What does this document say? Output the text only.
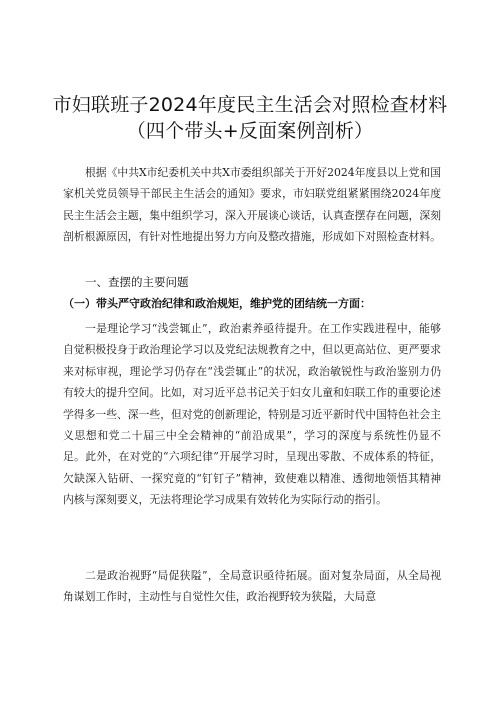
市妇联班子2024年度民主生活会对照检查材料
（四个带头+反面案例剖析）
根据《中共X市纪委机关中共X市委组织部关于开好2024年度县以上党和国家机关党员领导干部民主生活会的通知》要求，市妇联党组紧紧围绕2024年度民主生活会主题，集中组织学习，深入开展谈心谈话，认真查摆存在问题，深刻剖析根源原因，有针对性地提出努力方向及整改措施，形成如下对照检查材料。
一、查摆的主要问题
（一）带头严守政治纪律和政治规矩，维护党的团结统一方面：
一是理论学习“浅尝辄止”，政治素养亟待提升。在工作实践进程中，能够自觉积极投身于政治理论学习以及党纪法规教育之中，但以更高站位、更严要求来对标审视，理论学习仍存在“浅尝辄止”的状况，政治敏锐性与政治鉴别力仍有较大的提升空间。比如，对习近平总书记关于妇女儿童和妇联工作的重要论述学得多一些、深一些，但对党的创新理论，特别是习近平新时代中国特色社会主义思想和党二十届三中全会精神的“前沿成果”，学习的深度与系统性仍显不足。此外，在对党的“六项纪律”开展学习时，呈现出零散、不成体系的特征，欠缺深入钻研、一探究竟的“钉钉子”精神，致使难以精准、透彻地领悟其精神内核与深刻要义，无法将理论学习成果有效转化为实际行动的指引。
二是政治视野“局促狭隘”，全局意识亟待拓展。面对复杂局面，从全局视角谋划工作时，主动性与自觉性欠佳，政治视野较为狭隘，大局意
